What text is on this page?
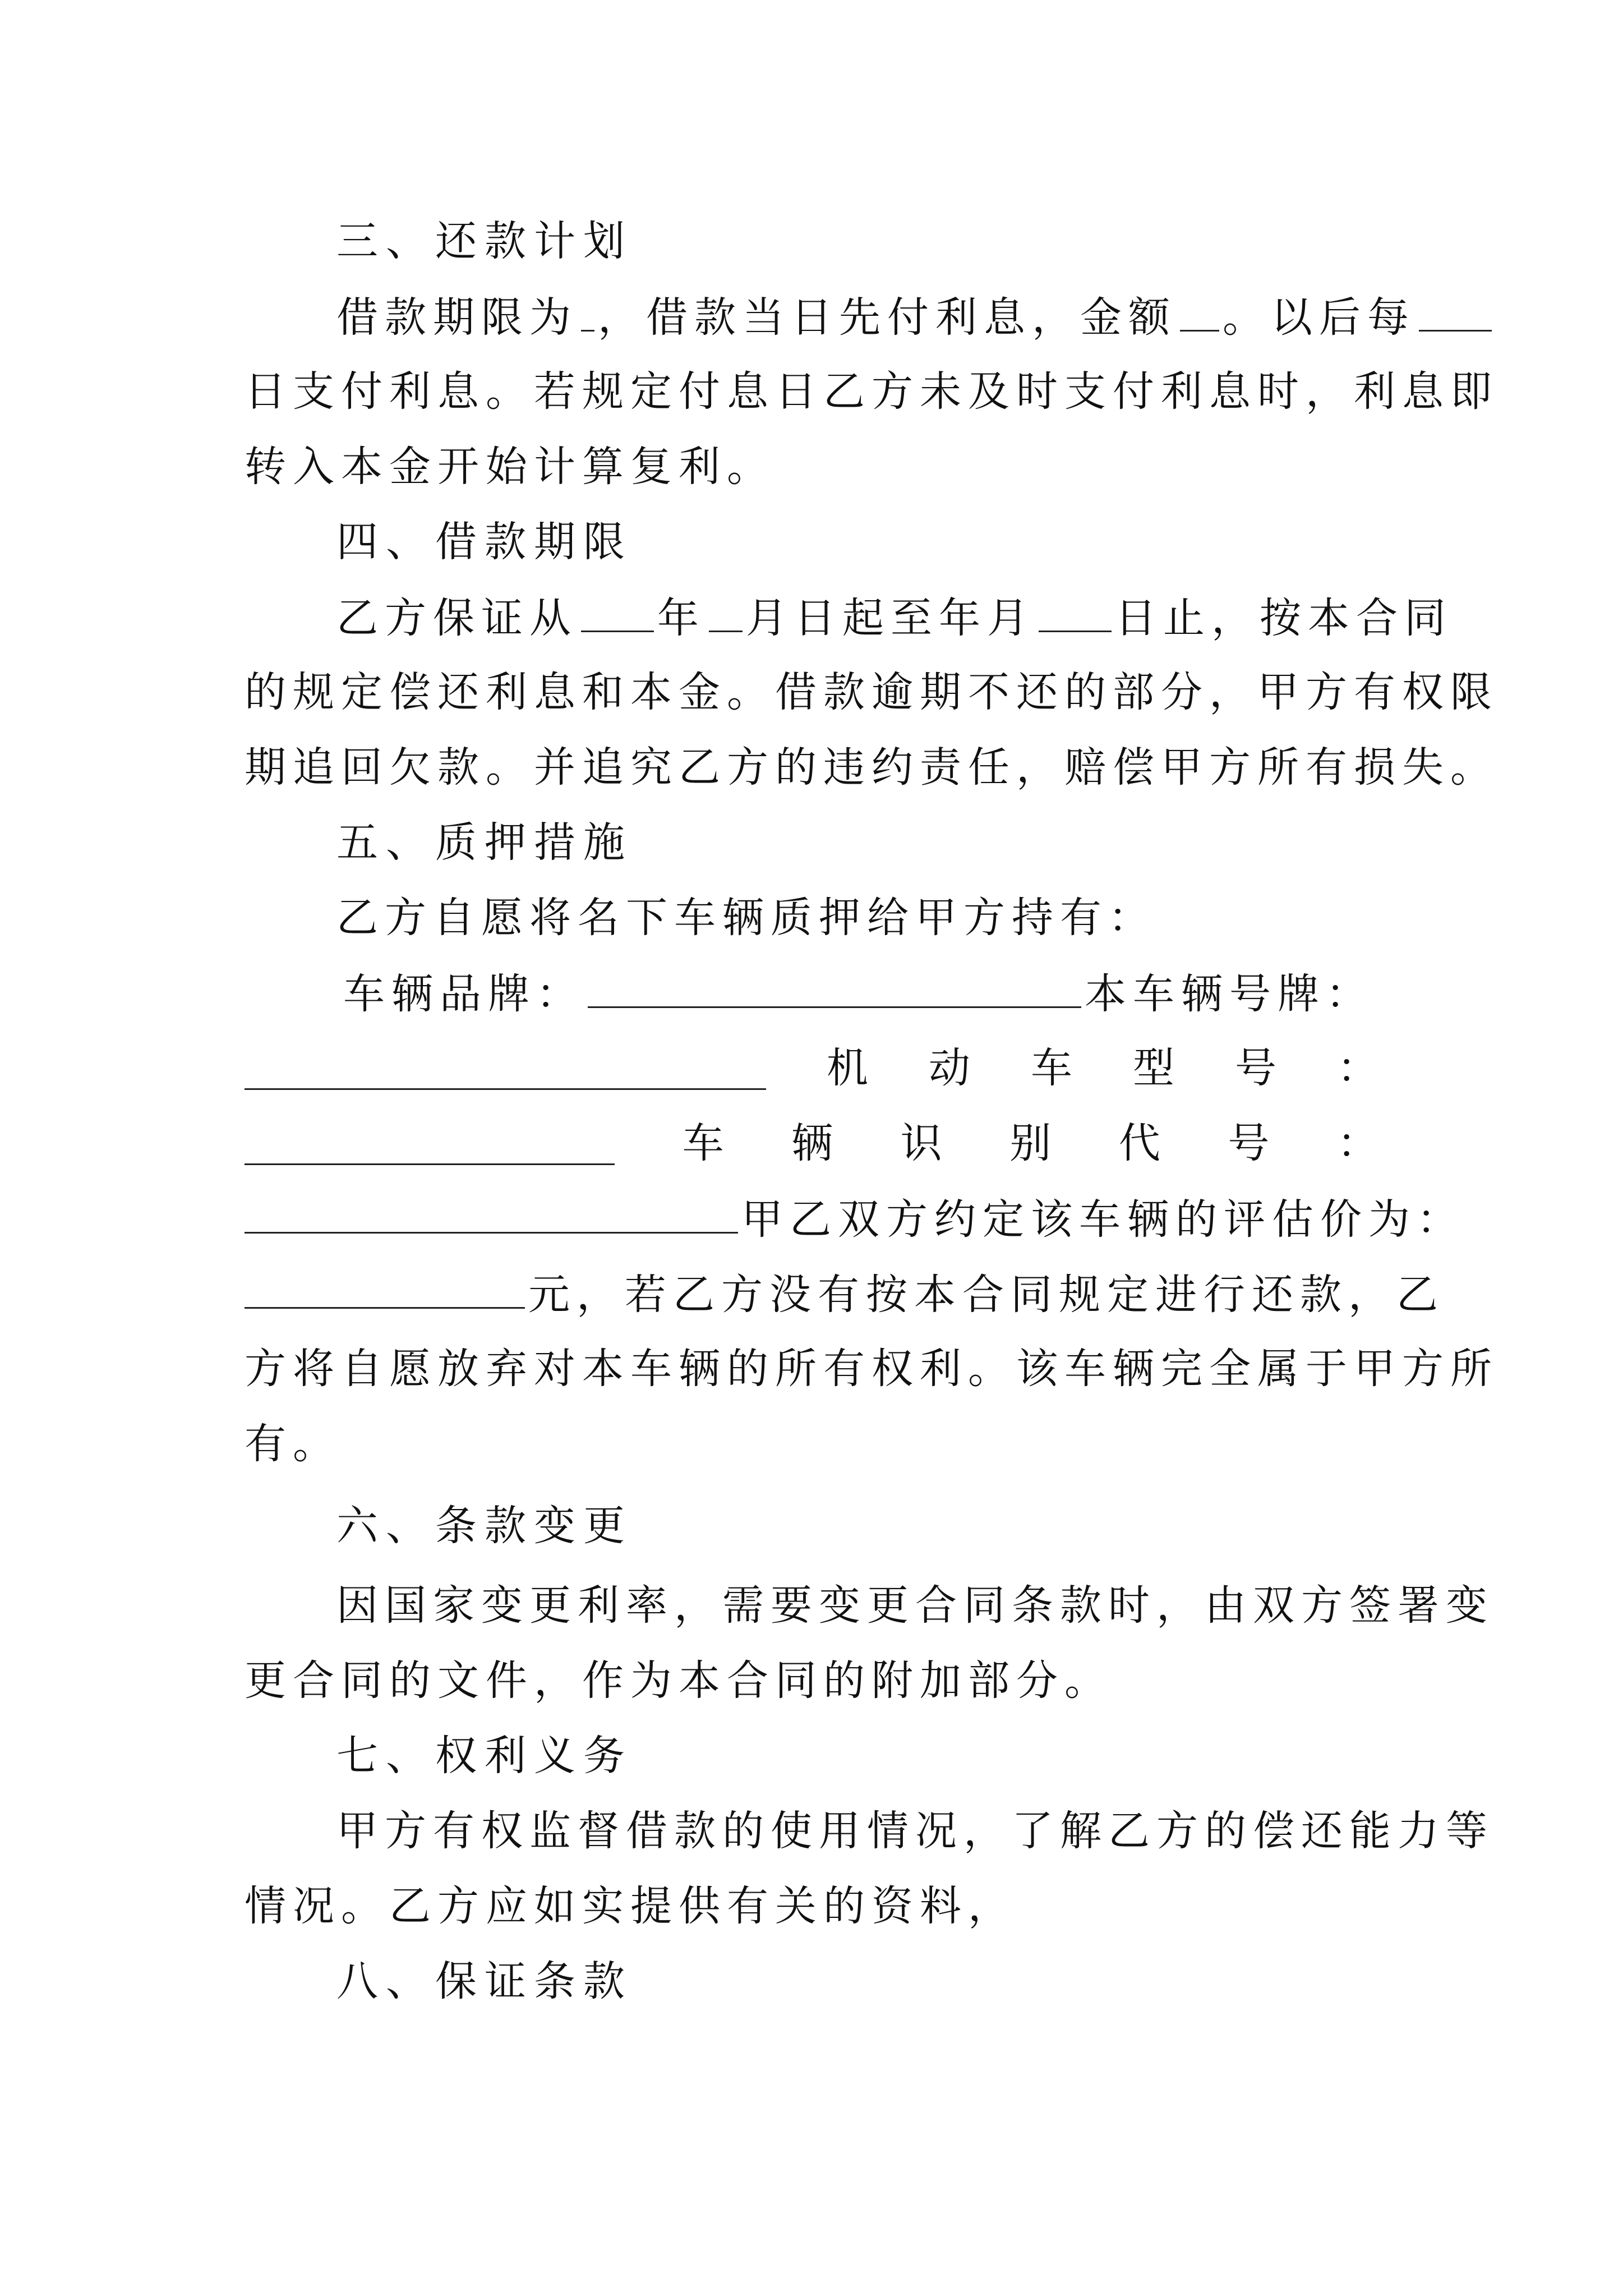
三、还款计划
借款期限为 ，借款当日先付利息，金额 。以后每
日支付利息。若规定付息日乙方未及时支付利息时，利息即
转入本金开始计算复利。
四、借款期限
乙方保证从 年 月日起至年月 日止，按本合同
的规定偿还利息和本金。借款逾期不还的部分，甲方有权限
期追回欠款。并追究乙方的违约责任，赔偿甲方所有损失。
五、质押措施
乙方自愿将名下车辆质押给甲方持有：
车辆品牌：	本车辆号牌：
机 动 车 型 号 ：
车 辆 识 别 代 号 ：
甲乙双方约定该车辆的评估价为：
元，若乙方没有按本合同规定进行还款，乙
方将自愿放弃对本车辆的所有权利。该车辆完全属于甲方所
有。
六、条款变更
因国家变更利率，需要变更合同条款时，由双方签署变
更合同的文件，作为本合同的附加部分。
七、权利义务
甲方有权监督借款的使用情况，了解乙方的偿还能力等
情况。乙方应如实提供有关的资料，
八、保证条款
